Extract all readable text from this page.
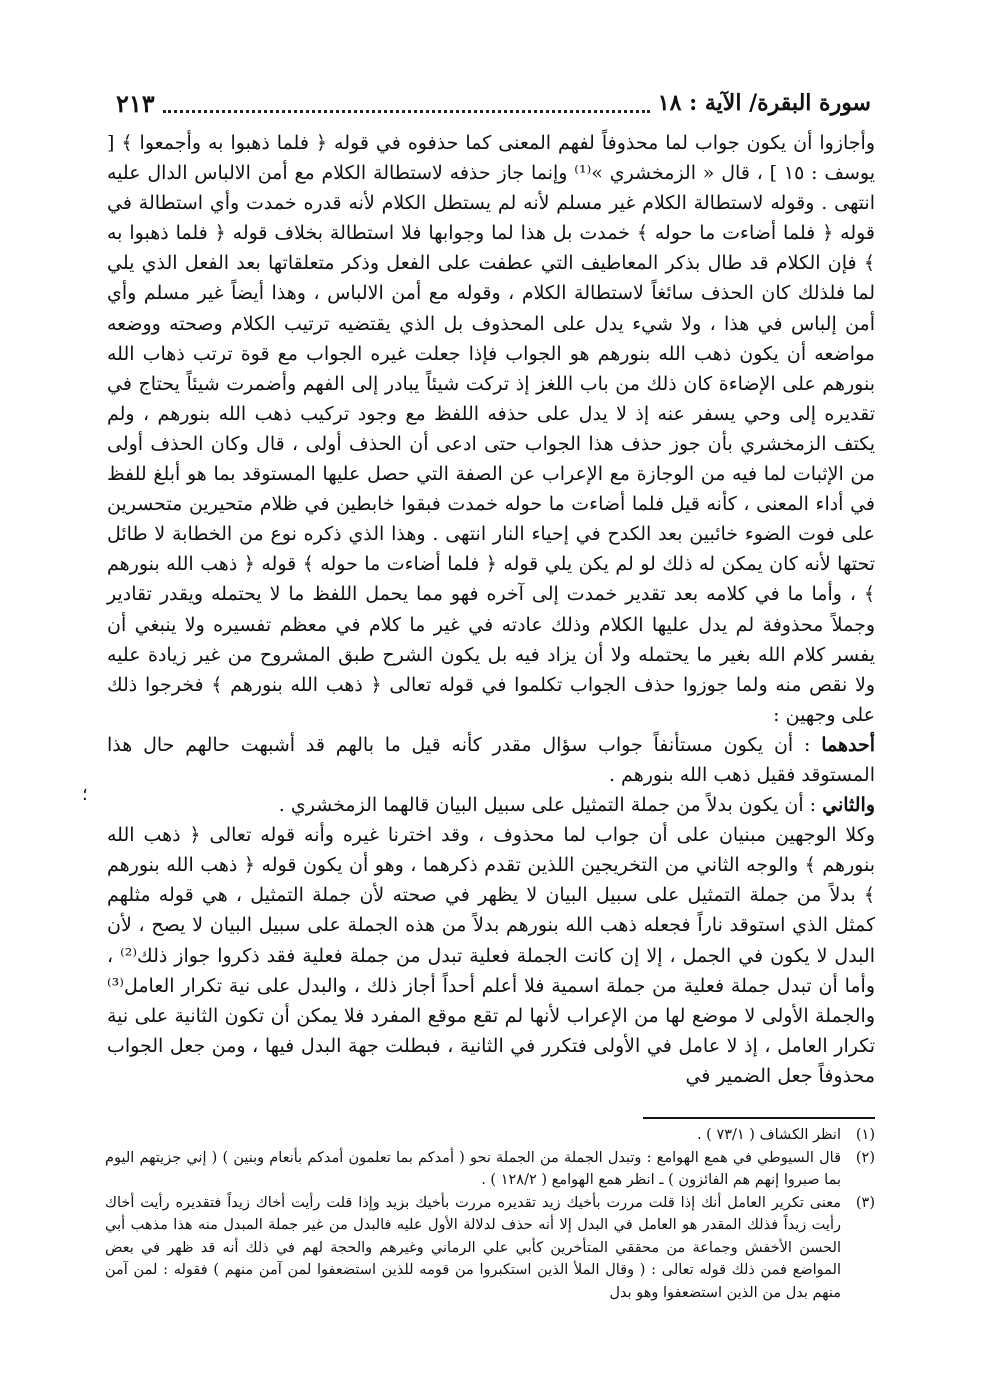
سورة البقرة/ الآية : ١٨
٢١٣

وأجازوا أن يكون جواب لما محذوفاً لفهم المعنى كما حذفوه في قوله ﴿ فلما ذهبوا به وأجمعوا ﴾ [ يوسف : ١٥ ] ، قال « الزمخشري »⁽¹⁾ وإنما جاز حذفه لاستطالة الكلام مع أمن الالباس الدال عليه انتهى . وقوله لاستطالة الكلام غير مسلم لأنه لم يستطل الكلام لأنه قدره خمدت وأي استطالة في قوله ﴿ فلما أضاءت ما حوله ﴾ خمدت بل هذا لما وجوابها فلا استطالة بخلاف قوله ﴿ فلما ذهبوا به ﴾ فإن الكلام قد طال بذكر المعاطيف التي عطفت على الفعل وذكر متعلقاتها بعد الفعل الذي يلي لما فلذلك كان الحذف سائغاً لاستطالة الكلام ، وقوله مع أمن الالباس ، وهذا أيضاً غير مسلم وأي أمن إلباس في هذا ، ولا شيء يدل على المحذوف بل الذي يقتضيه ترتيب الكلام وصحته ووضعه مواضعه أن يكون ذهب الله بنورهم هو الجواب فإذا جعلت غيره الجواب مع قوة ترتب ذهاب الله بنورهم على الإضاءة كان ذلك من باب اللغز إذ تركت شيئاً يبادر إلى الفهم وأضمرت شيئاً يحتاج في تقديره إلى وحي يسفر عنه إذ لا يدل على حذفه اللفظ مع وجود تركيب ذهب الله بنورهم ، ولم يكتف الزمخشري بأن جوز حذف هذا الجواب حتى ادعى أن الحذف أولى ، قال وكان الحذف أولى من الإثبات لما فيه من الوجازة مع الإعراب عن الصفة التي حصل عليها المستوقد بما هو أبلغ للفظ في أداء المعنى ، كأنه قيل فلما أضاءت ما حوله خمدت فبقوا خابطين في ظلام متحيرين متحسرين على فوت الضوء خائبين بعد الكدح في إحياء النار انتهى . وهذا الذي ذكره نوع من الخطابة لا طائل تحتها لأنه كان يمكن له ذلك لو لم يكن يلي قوله ﴿ فلما أضاءت ما حوله ﴾ قوله ﴿ ذهب الله بنورهم ﴾ ، وأما ما في كلامه بعد تقدير خمدت إلى آخره فهو مما يحمل اللفظ ما لا يحتمله ويقدر تقادير وجملاً محذوفة لم يدل عليها الكلام وذلك عادته في غير ما كلام في معظم تفسيره ولا ينبغي أن يفسر كلام الله بغير ما يحتمله ولا أن يزاد فيه بل يكون الشرح طبق المشروح من غير زيادة عليه ولا نقص منه ولما جوزوا حذف الجواب تكلموا في قوله تعالى ﴿ ذهب الله بنورهم ﴾ فخرجوا ذلك على وجهين :

أحدهما : أن يكون مستأنفاً جواب سؤال مقدر كأنه قيل ما بالهم قد أشبهت حالهم حال هذا المستوقد فقيل ذهب الله بنورهم .

والثاني : أن يكون بدلاً من جملة التمثيل على سبيل البيان قالهما الزمخشري .

وكلا الوجهين مبنيان على أن جواب لما محذوف ، وقد اخترنا غيره وأنه قوله تعالى ﴿ ذهب الله بنورهم ﴾ والوجه الثاني من التخريجين اللذين تقدم ذكرهما ، وهو أن يكون قوله ﴿ ذهب الله بنورهم ﴾ بدلاً من جملة التمثيل على سبيل البيان لا يظهر في صحته لأن جملة التمثيل ، هي قوله مثلهم كمثل الذي استوقد ناراً فجعله ذهب الله بنورهم بدلاً من هذه الجملة على سبيل البيان لا يصح ، لأن البدل لا يكون في الجمل ، إلا إن كانت الجملة فعلية تبدل من جملة فعلية فقد ذكروا جواز ذلك⁽²⁾ ، وأما أن تبدل جملة فعلية من جملة اسمية فلا أعلم أحداً أجاز ذلك ، والبدل على نية تكرار العامل⁽³⁾ والجملة الأولى لا موضع لها من الإعراب لأنها لم تقع موقع المفرد فلا يمكن أن تكون الثانية على نية تكرار العامل ، إذ لا عامل في الأولى فتكرر في الثانية ، فبطلت جهة البدل فيها ، ومن جعل الجواب محذوفاً جعل الضمير في

؛
(١)
انظر الكشاف ( ٧٣/١ ) .
(٢)
قال السيوطي في همع الهوامع : وتبدل الجملة من الجملة نحو ( أمدكم بما تعلمون أمدكم بأنعام وبنين ) ( إني جزيتهم اليوم بما صبروا إنهم هم الفائزون ) ـ انظر همع الهوامع ( ١٢٨/٢ ) .
(٣)
معنى تكرير العامل أنك إذا قلت مررت بأخيك زيد تقديره مررت بأخيك بزيد وإذا قلت رأيت أخاك زيداً فتقديره رأيت أخاك رأيت زيداً فذلك المقدر هو العامل في البدل إلا أنه حذف لدلالة الأول عليه فالبدل من غير جملة المبدل منه هذا مذهب أبي الحسن الأخفش وجماعة من محققي المتأخرين كأبي علي الرماني وغيرهم والحجة لهم في ذلك أنه قد ظهر في بعض المواضع فمن ذلك قوله تعالى : ( وقال الملأ الذين استكبروا من قومه للذين استضعفوا لمن آمن منهم ) فقوله : لمن آمن منهم بدل من الذين استضعفوا وهو بدل
